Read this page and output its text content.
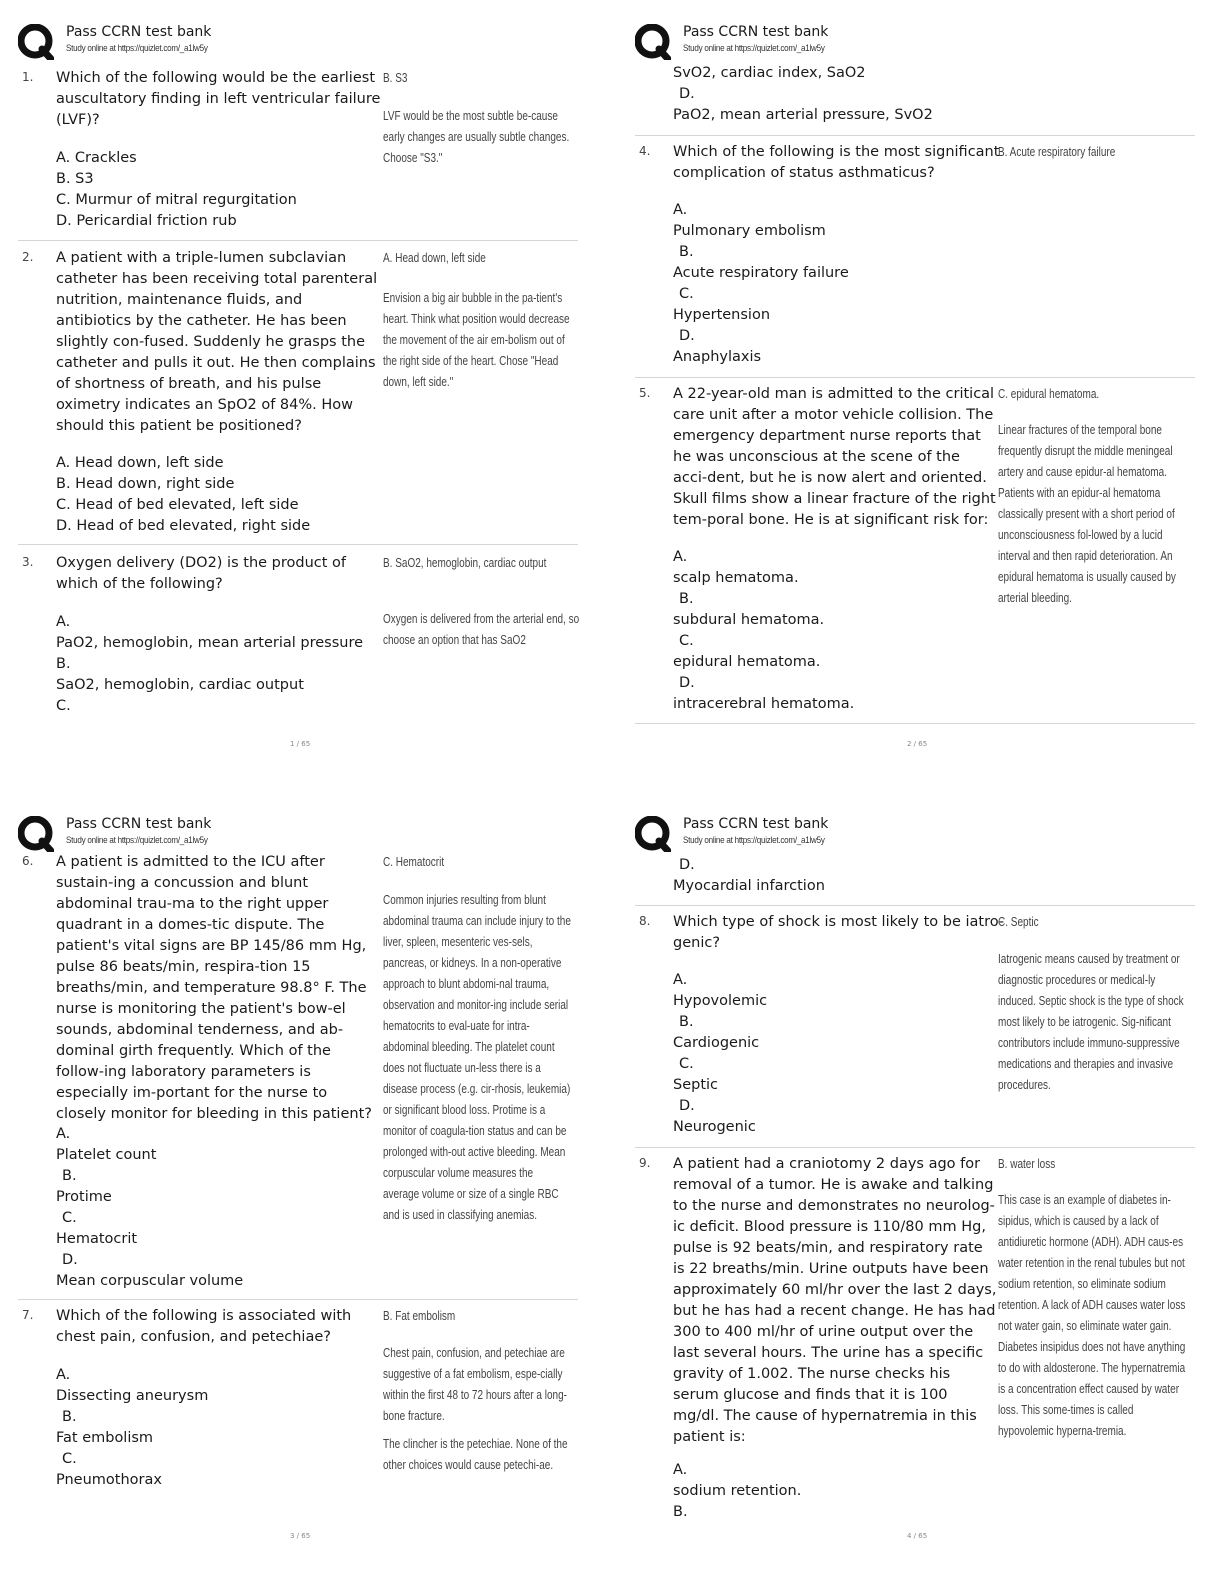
Pass CCRN test bank
Study online at https://quizlet.com/_a1lw5y
1. Which of the following would be the earliest auscultatory finding in left ventricular failure (LVF)?
A. Crackles
B. S3
C. Murmur of mitral regurgitation
D. Pericardial friction rub
B. S3
LVF would be the most subtle be-cause early changes are usually subtle changes. Choose "S3."
2. A patient with a triple-lumen subclavian catheter has been receiving total parenteral nutrition, maintenance fluids, and antibiotics by the catheter. He has been slightly con-fused. Suddenly he grasps the catheter and pulls it out. He then complains of shortness of breath, and his pulse oximetry indicates an SpO2 of 84%. How should this patient be positioned?
A. Head down, left side
B. Head down, right side
C. Head of bed elevated, left side
D. Head of bed elevated, right side
A. Head down, left side
Envision a big air bubble in the pa-tient's heart. Think what position would decrease the movement of the air em-bolism out of the right side of the heart. Chose "Head down, left side."
3. Oxygen delivery (DO2) is the product of which of the following?
A.
PaO2, hemoglobin, mean arterial pressure
B.
SaO2, hemoglobin, cardiac output
C.
B. SaO2, hemoglobin, cardiac output
Oxygen is delivered from the arterial end, so choose an option that has SaO2
1 / 65
Pass CCRN test bank
Study online at https://quizlet.com/_a1lw5y
SvO2, cardiac index, SaO2
D.
PaO2, mean arterial pressure, SvO2
4. Which of the following is the most significant complication of status asthmaticus?
B. Acute respiratory failure
A.
Pulmonary embolism
B.
Acute respiratory failure
C.
Hypertension
D.
Anaphylaxis
5. A 22-year-old man is admitted to the critical care unit after a motor vehicle collision. The emergency department nurse reports that he was unconscious at the scene of the acci-dent, but he is now alert and oriented. Skull films show a linear fracture of the right tem-poral bone. He is at significant risk for:
C. epidural hematoma.
Linear fractures of the temporal bone frequently disrupt the middle meningeal artery and cause epidur-al hematoma. Patients with an epidur-al hematoma classically present with a short period of unconsciousness fol-lowed by a lucid interval and then rapid deterioration. An epidural hematoma is usually caused by arterial bleeding.
A.
scalp hematoma.
B.
subdural hematoma.
C.
epidural hematoma.
D.
intracerebral hematoma.
2 / 65
Pass CCRN test bank
Study online at https://quizlet.com/_a1lw5y
6. A patient is admitted to the ICU after sustain-ing a concussion and blunt abdominal trau-ma to the right upper quadrant in a domes-tic dispute. The patient's vital signs are BP 145/86 mm Hg, pulse 86 beats/min, respira-tion 15 breaths/min, and temperature 98.8° F. The nurse is monitoring the patient's bow-el sounds, abdominal tenderness, and ab-dominal girth frequently. Which of the follow-ing laboratory parameters is especially im-portant for the nurse to closely monitor for bleeding in this patient?
C. Hematocrit
Common injuries resulting from blunt abdominal trauma can include injury to the liver, spleen, mesenteric ves-sels, pancreas, or kidneys. In a non-operative approach to blunt abdomi-nal trauma, observation and monitor-ing include serial hematocrits to eval-uate for intra-abdominal bleeding. The platelet count does not fluctuate un-less there is a disease process (e.g. cir-rhosis, leukemia) or significant blood loss. Protime is a monitor of coagula-tion status and can be prolonged with-out active bleeding. Mean corpuscular volume measures the average volume or size of a single RBC and is used in classifying anemias.
A.
Platelet count
B.
Protime
C.
Hematocrit
D.
Mean corpuscular volume
7. Which of the following is associated with chest pain, confusion, and petechiae?
B. Fat embolism
Chest pain, confusion, and petechiae are suggestive of a fat embolism, espe-cially within the first 48 to 72 hours after a long-bone fracture.
The clincher is the petechiae. None of the other choices would cause petechi-ae.
A.
Dissecting aneurysm
B.
Fat embolism
C.
Pneumothorax
3 / 65
Pass CCRN test bank
Study online at https://quizlet.com/_a1lw5y
D.
Myocardial infarction
8. Which type of shock is most likely to be iatro-genic?
C. Septic
Iatrogenic means caused by treatment or diagnostic procedures or medical-ly induced. Septic shock is the type of shock most likely to be iatrogenic. Sig-nificant contributors include immuno-suppressive medications and therapies and invasive procedures.
A.
Hypovolemic
B.
Cardiogenic
C.
Septic
D.
Neurogenic
9. A patient had a craniotomy 2 days ago for removal of a tumor. He is awake and talking to the nurse and demonstrates no neurolog-ic deficit. Blood pressure is 110/80 mm Hg, pulse is 92 beats/min, and respiratory rate is 22 breaths/min. Urine outputs have been approximately 60 ml/hr over the last 2 days, but he has had a recent change. He has had 300 to 400 ml/hr of urine output over the last several hours. The urine has a specific gravity of 1.002. The nurse checks his serum glucose and finds that it is 100 mg/dl. The cause of hypernatremia in this patient is:
B. water loss
This case is an example of diabetes in-sipidus, which is caused by a lack of antidiuretic hormone (ADH). ADH caus-es water retention in the renal tubules but not sodium retention, so eliminate sodium retention. A lack of ADH causes water loss not water gain, so eliminate water gain. Diabetes insipidus does not have anything to do with aldosterone. The hypernatremia is a concentration effect caused by water loss. This some-times is called hypovolemic hyperna-tremia.
A.
sodium retention.
B.
4 / 65
